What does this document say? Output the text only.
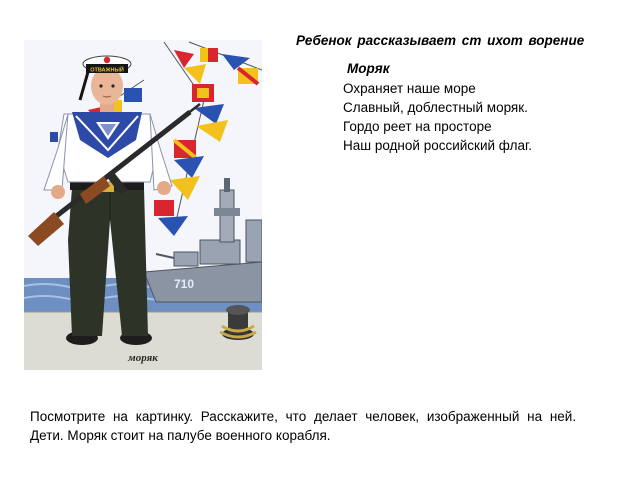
710
ОТВАЖНЫЙ
моряк
Ребенок рассказывает ст ихот ворение
Моряк
Охраняет наше море
Славный, доблестный моряк.
Гордо реет на просторе
Наш родной российский флаг.
Посмотрите на картинку. Расскажите, что делает человек, изображенный на ней.
Дети. Моряк стоит на палубе военного корабля.
